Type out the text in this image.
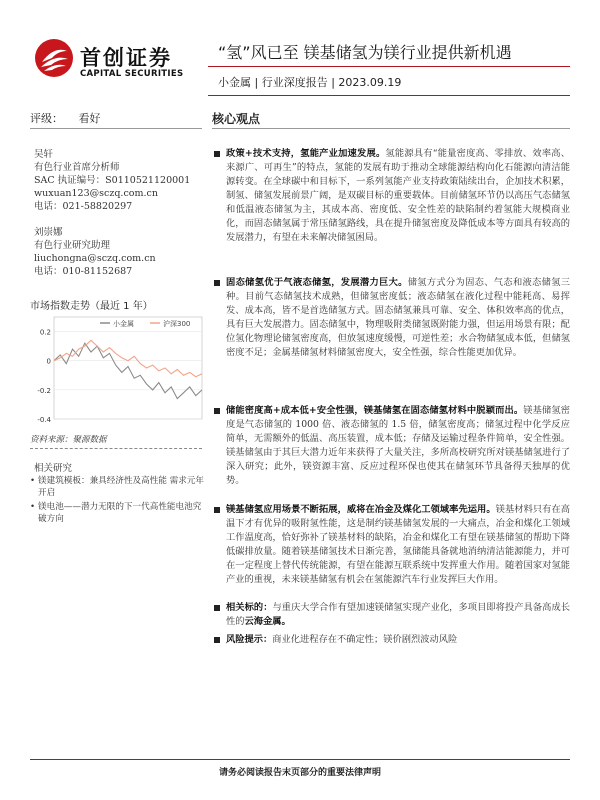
首创证券
CAPITAL SECURITIES
“氢”风已至 镁基储氢为镁行业提供新机遇
小金属 | 行业深度报告 | 2023.09.19
评级： 看好	核心观点
吴轩
有色行业首席分析师
SAC 执证编号：S0110521120001
wuxuan123@sczq.com.cn
电话：021-58820297
刘崇娜
有色行业研究助理
liuchongna@sczq.com.cn
电话：010-81152687
市场指数走势（最近 1 年）
0.2
0
-0.2
-0.4
小金属	沪深300
资料来源：聚源数据
相关研究
• 镁建筑模板：兼具经济性及高性能 需求元年开启
• 镁电池——潜力无限的下一代高性能电池究破方向
政策+技术支持，氢能产业加速发展。氢能源具有“能量密度高、零排放、效率高、来源广、可再生”的特点，氢能的发展有助于推动全球能源结构向化石能源向清洁能源转变。在全球碳中和目标下，一系列氢能产业支持政策陆续出台，企加技术积累，制氢、储氢发展前景广阔，是双碳目标的重要载体。目前储氢环节仍以高压气态储氢和低温液态储氢为主，其成本高、密度低、安全性差的缺陷制约着氢能大规模商业化，而固态储氢属于常压储氢路线，具在提升储氢密度及降低成本等方面具有较高的发展潜力，有望在未来解决储氢困局。
固态储氢优于气液态储氢，发展潜力巨大。储氢方式分为固态、气态和液态储氢三种。目前气态储氢技术成熟，但储氢密度低；液态储氢在液化过程中能耗高、易挥发、成本高，皆不是首选储氢方式。固态储氢兼具可靠、安全、体积效率高的优点，具有巨大发展潜力。固态储氢中，物理吸附类储氢既附能力强，但运用场景有限；配位氢化物理论储氢密度高，但放氢速度缓慢，可逆性差；水合物储氢成本低，但储氢密度不足；金属基储氢材料储氢密度大，安全性强，综合性能更加优异。
储能密度高+成本低+安全性强，镁基储氢在固态储氢材料中脱颖而出。镁基储氢密度是气态储氢的 1000 倍、液态储氢的 1.5 倍，储氢密度高；储氢过程中化学反应简单，无需额外的低温、高压装置，成本低；存储及运输过程条件简单，安全性强。镁基储氢由于其巨大潜力近年来获得了大量关注，多所高校研究所对镁基储氢进行了深入研究；此外，镁资源丰富、反应过程环保也使其在储氢环节具备得天独厚的优势。
镁基储氢应用场景不断拓展，威将在冶金及煤化工领域率先运用。镁基材料只有在高温下才有优异的吸附氢性能，这是制约镁基储氢发展的一大痛点，冶金和煤化工领域工作温度高，恰好弥补了镁基材料的缺陷，冶金和煤化工有望在镁基储氢的帮助下降低碳排放量。随着镁基储氢技术日渐完善，氢储能具备就地消纳清洁能源能力，并可在一定程度上替代传统能源，有望在能源互联系统中发挥重大作用。随着国家对氢能产业的重视，未来镁基储氢有机会在氢能源汽车行业发挥巨大作用。
相关标的：与重庆大学合作有望加速镁储氢实现产业化，多项目即将投产具备高成长性的云海金属。
风险提示：商业化进程存在不确定性；镁价剧烈波动风险
请务必阅读报告末页部分的重要法律声明
